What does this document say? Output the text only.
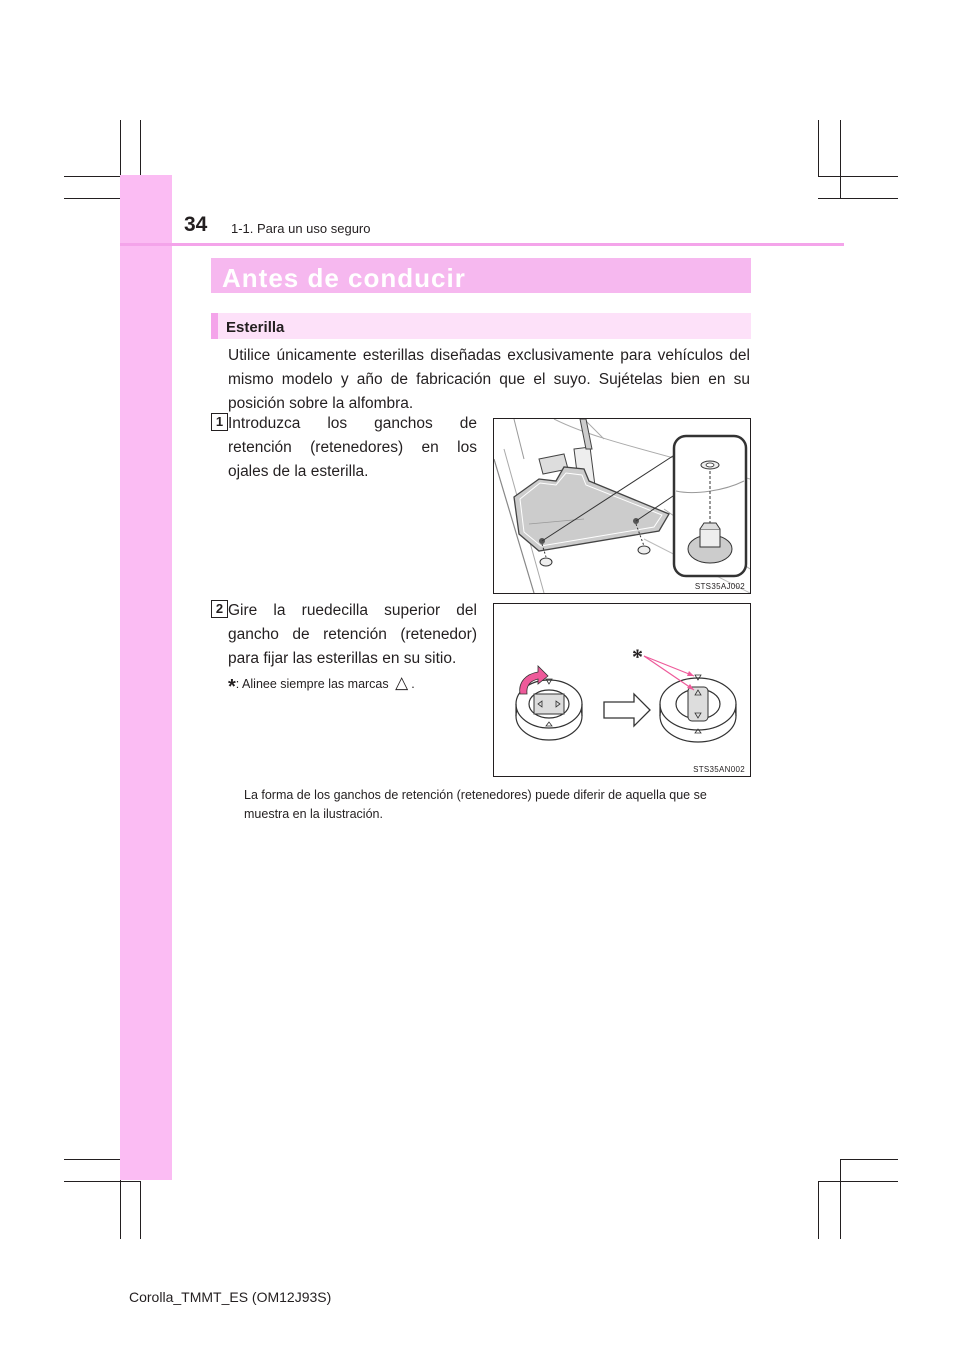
34 1-1. Para un uso seguro
Antes de conducir
Esterilla
Utilice únicamente esterillas diseñadas exclusivamente para vehículos del mismo modelo y año de fabricación que el suyo. Sujételas bien en su posición sobre la alfombra.
1 Introduzca los ganchos de retención (retenedores) en los ojales de la esterilla.
STS35AJ002
2 Gire la ruedecilla superior del gancho de retención (retenedor) para fijar las esterillas en su sitio.
*: Alinee siempre las marcas △ .
*
STS35AN002
La forma de los ganchos de retención (retenedores) puede diferir de aquella que se muestra en la ilustración.
Corolla_TMMT_ES (OM12J93S)
